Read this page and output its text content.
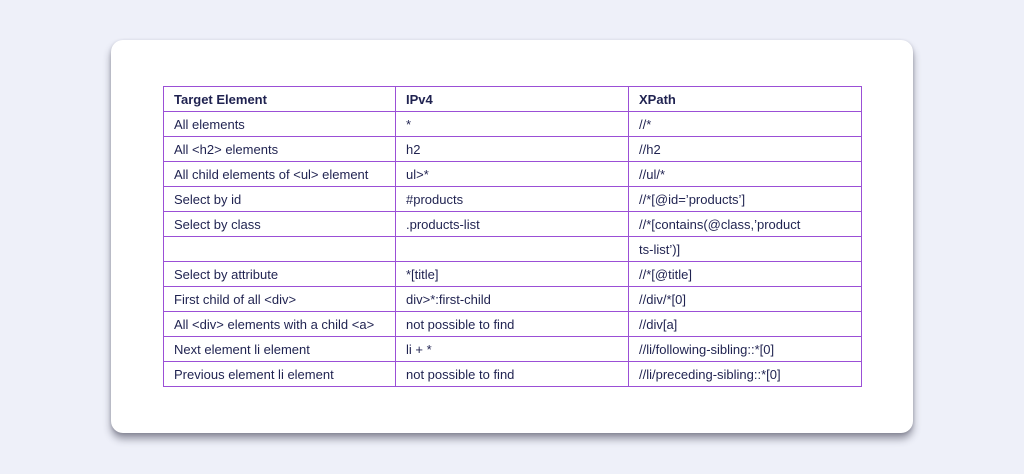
Target Element	IPv4	XPath
All elements	*	//*
All <h2> elements	h2	//h2
All child elements of <ul> element	ul>*	//ul/*
Select by id	#products	//*[@id=’products’]
Select by class	.products-list	//*[contains(@class,’product
		ts-list’)]
Select by attribute	*[title]	//*[@title]
First child of all <div>	div>*:first-child	//div/*[0]
All <div> elements with a child <a>	not possible to find	//div[a]
Next element li element	li + *	//li/following-sibling::*[0]
Previous element li element	not possible to find	//li/preceding-sibling::*[0]
